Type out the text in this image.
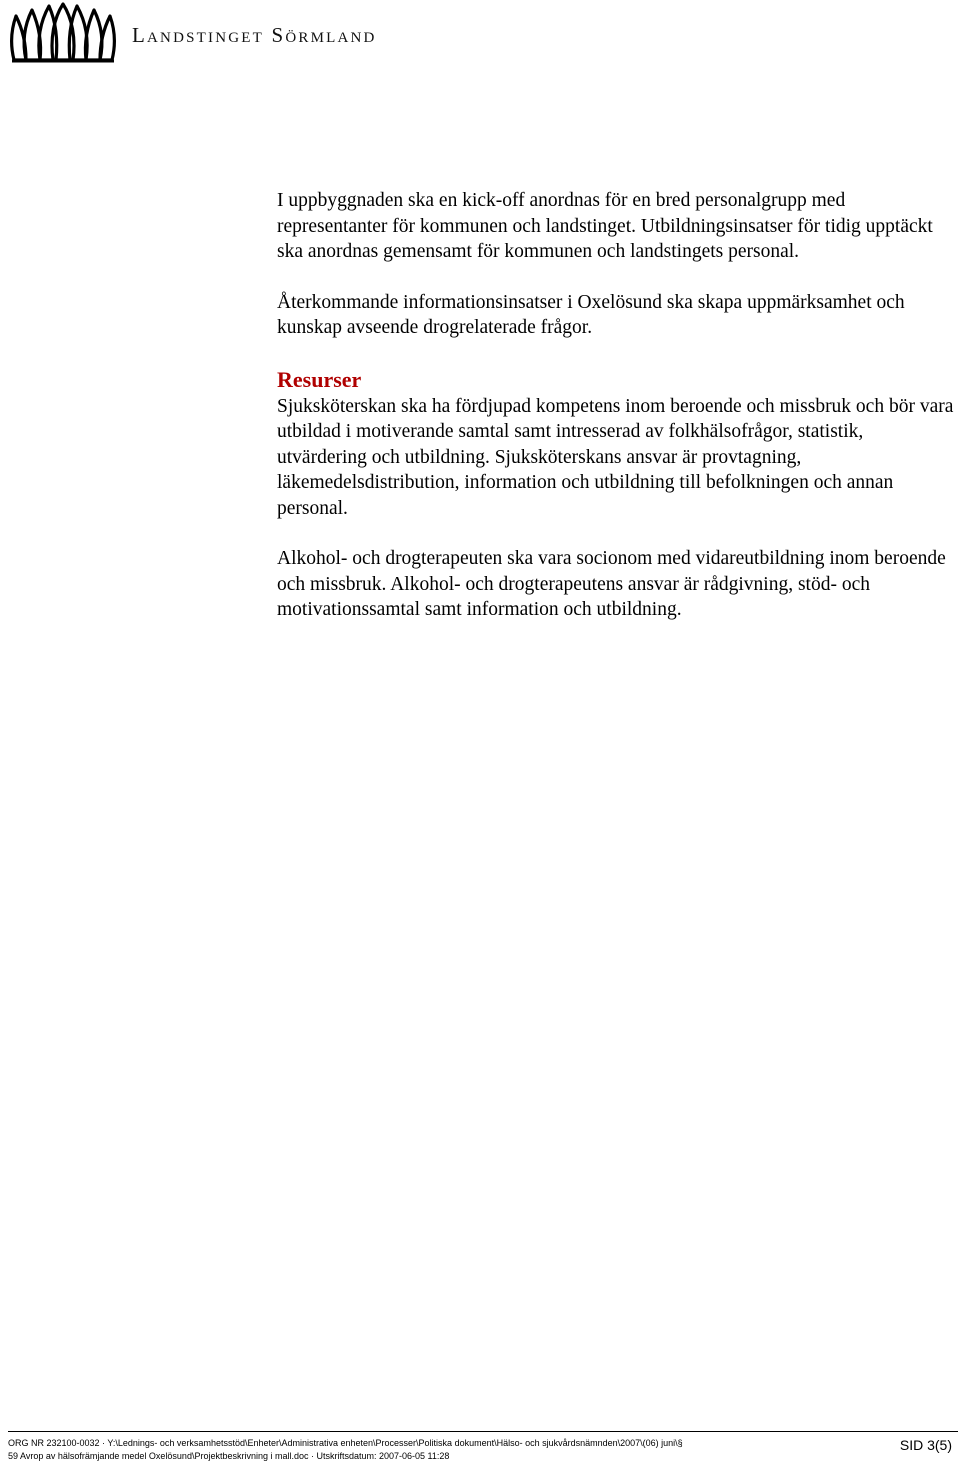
Landstinget Sörmland

I uppbyggnaden ska en kick-off anordnas för en bred personalgrupp med representanter för kommunen och landstinget. Utbildningsinsatser för tidig upptäckt ska anordnas gemensamt för kommunen och landstingets personal.

Återkommande informationsinsatser i Oxelösund ska skapa uppmärksamhet och kunskap avseende drogrelaterade frågor.

Resurser

Sjuksköterskan ska ha fördjupad kompetens inom beroende och missbruk och bör vara utbildad i motiverande samtal samt intresserad av folkhälsofrågor, statistik, utvärdering och utbildning. Sjuksköterskans ansvar är provtagning, läkemedelsdistribution, information och utbildning till befolkningen och annan personal.

Alkohol- och drogterapeuten ska vara socionom med vidareutbildning inom beroende och missbruk. Alkohol- och drogterapeutens ansvar är rådgivning, stöd- och motivationssamtal samt information och utbildning.

ORG NR 232100-0032 · Y:\Lednings- och verksamhetsstöd\Enheter\Administrativa enheten\Processer\Politiska dokument\Hälso- och sjukvårdsnämnden\2007\(06) juni\§
59 Avrop av hälsofrämjande medel Oxelösund\Projektbeskrivning i mall.doc · Utskriftsdatum: 2007-06-05 11:28
SID 3(5)
